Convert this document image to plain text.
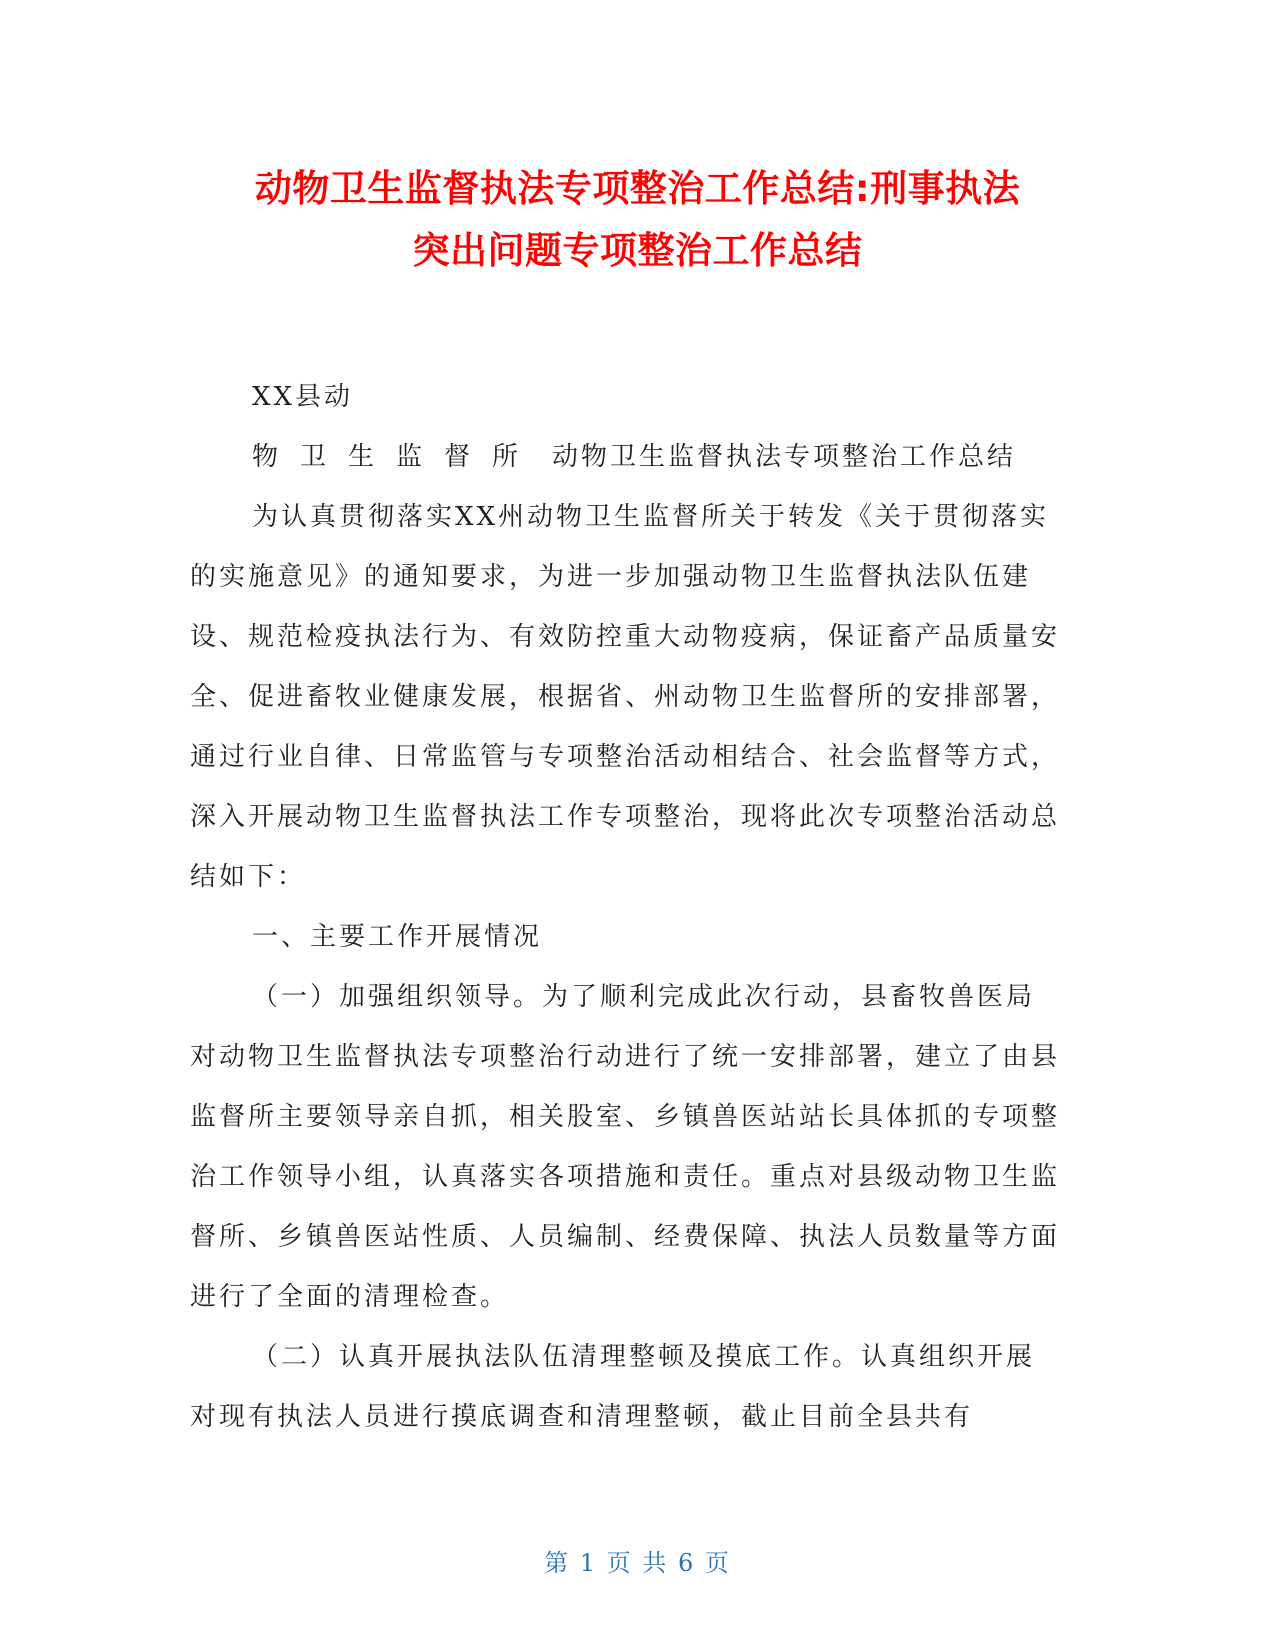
动物卫生监督执法专项整治工作总结:刑事执法
突出问题专项整治工作总结

XX县动

物卫生监督所 动物卫生监督执法专项整治工作总结

为认真贯彻落实XX州动物卫生监督所关于转发《关于贯彻落实的实施意见》的通知要求，为进一步加强动物卫生监督执法队伍建设、规范检疫执法行为、有效防控重大动物疫病，保证畜产品质量安全、促进畜牧业健康发展，根据省、州动物卫生监督所的安排部署，通过行业自律、日常监管与专项整治活动相结合、社会监督等方式，深入开展动物卫生监督执法工作专项整治，现将此次专项整治活动总结如下：

一、主要工作开展情况

（一）加强组织领导。为了顺利完成此次行动，县畜牧兽医局对动物卫生监督执法专项整治行动进行了统一安排部署，建立了由县监督所主要领导亲自抓，相关股室、乡镇兽医站站长具体抓的专项整治工作领导小组，认真落实各项措施和责任。重点对县级动物卫生监督所、乡镇兽医站性质、人员编制、经费保障、执法人员数量等方面进行了全面的清理检查。

（二）认真开展执法队伍清理整顿及摸底工作。认真组织开展对现有执法人员进行摸底调查和清理整顿，截止目前全县共有

第 1 页 共 6 页
